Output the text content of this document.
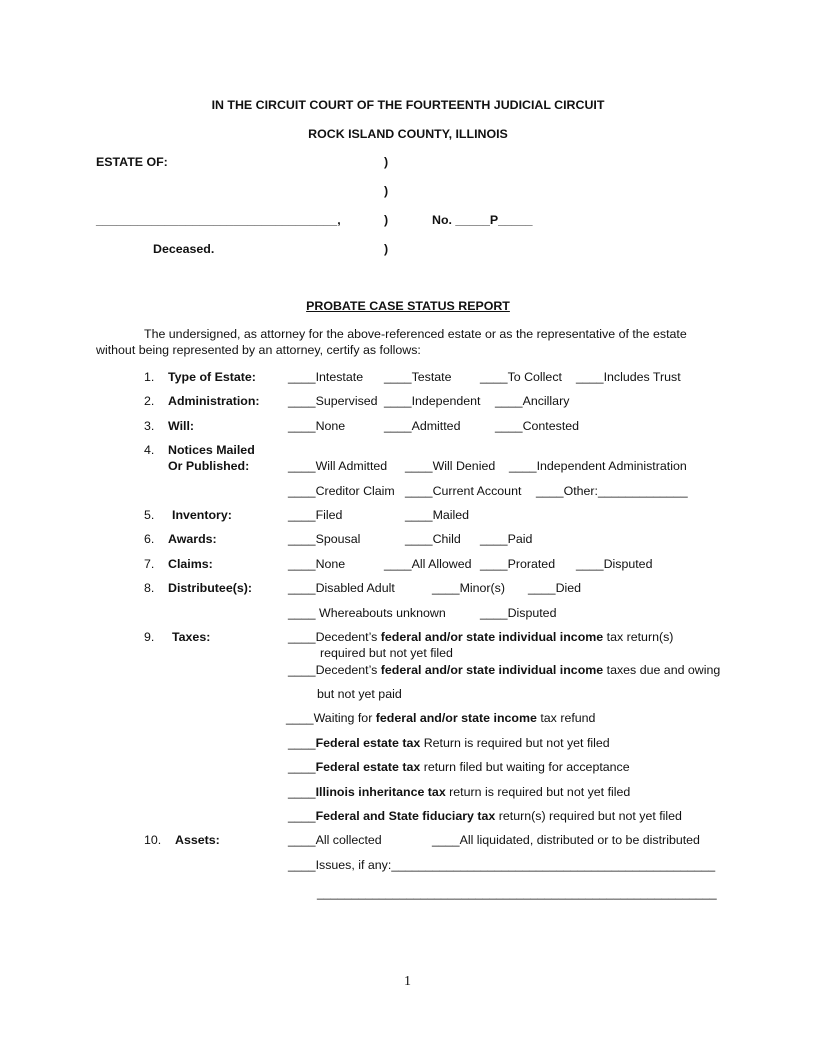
IN THE CIRCUIT COURT OF THE FOURTEENTH JUDICIAL CIRCUIT
ROCK ISLAND COUNTY, ILLINOIS
ESTATE OF:	)
)
___________________________________,	)	No. _____P_____
Deceased.	)
PROBATE CASE STATUS REPORT
The undersigned, as attorney for the above-referenced estate or as the representative of the estate
without being represented by an attorney, certify as follows:
1. Type of Estate:	____Intestate ____Testate ____To Collect ____Includes Trust
2. Administration: ____Supervised ____Independent ____Ancillary
3. Will:	____None	____Admitted	____Contested
4. Notices Mailed
Or Published:	____Will Admitted ____Will Denied ____Independent Administration
____Creditor Claim ____Current Account ____Other:_____________
5. Inventory:	____Filed	____Mailed
6. Awards:	____Spousal	____Child ____Paid
7. Claims:	____None	____All Allowed ____Prorated ____Disputed
8. Distributee(s):	____Disabled Adult	____Minor(s) ____Died
____ Whereabouts unknown	____Disputed
9. Taxes:	____Decedent’s federal and/or state individual income tax return(s)
required but not yet filed
____Decedent’s federal and/or state individual income taxes due and owing
but not yet paid
____Waiting for federal and/or state income tax refund
____Federal estate tax Return is required but not yet filed
____Federal estate tax return filed but waiting for acceptance
____Illinois inheritance tax return is required but not yet filed
____Federal and State fiduciary tax return(s) required but not yet filed
10. Assets:	____All collected	____All liquidated, distributed or to be distributed
____Issues, if any:_______________________________________________
__________________________________________________________
1
